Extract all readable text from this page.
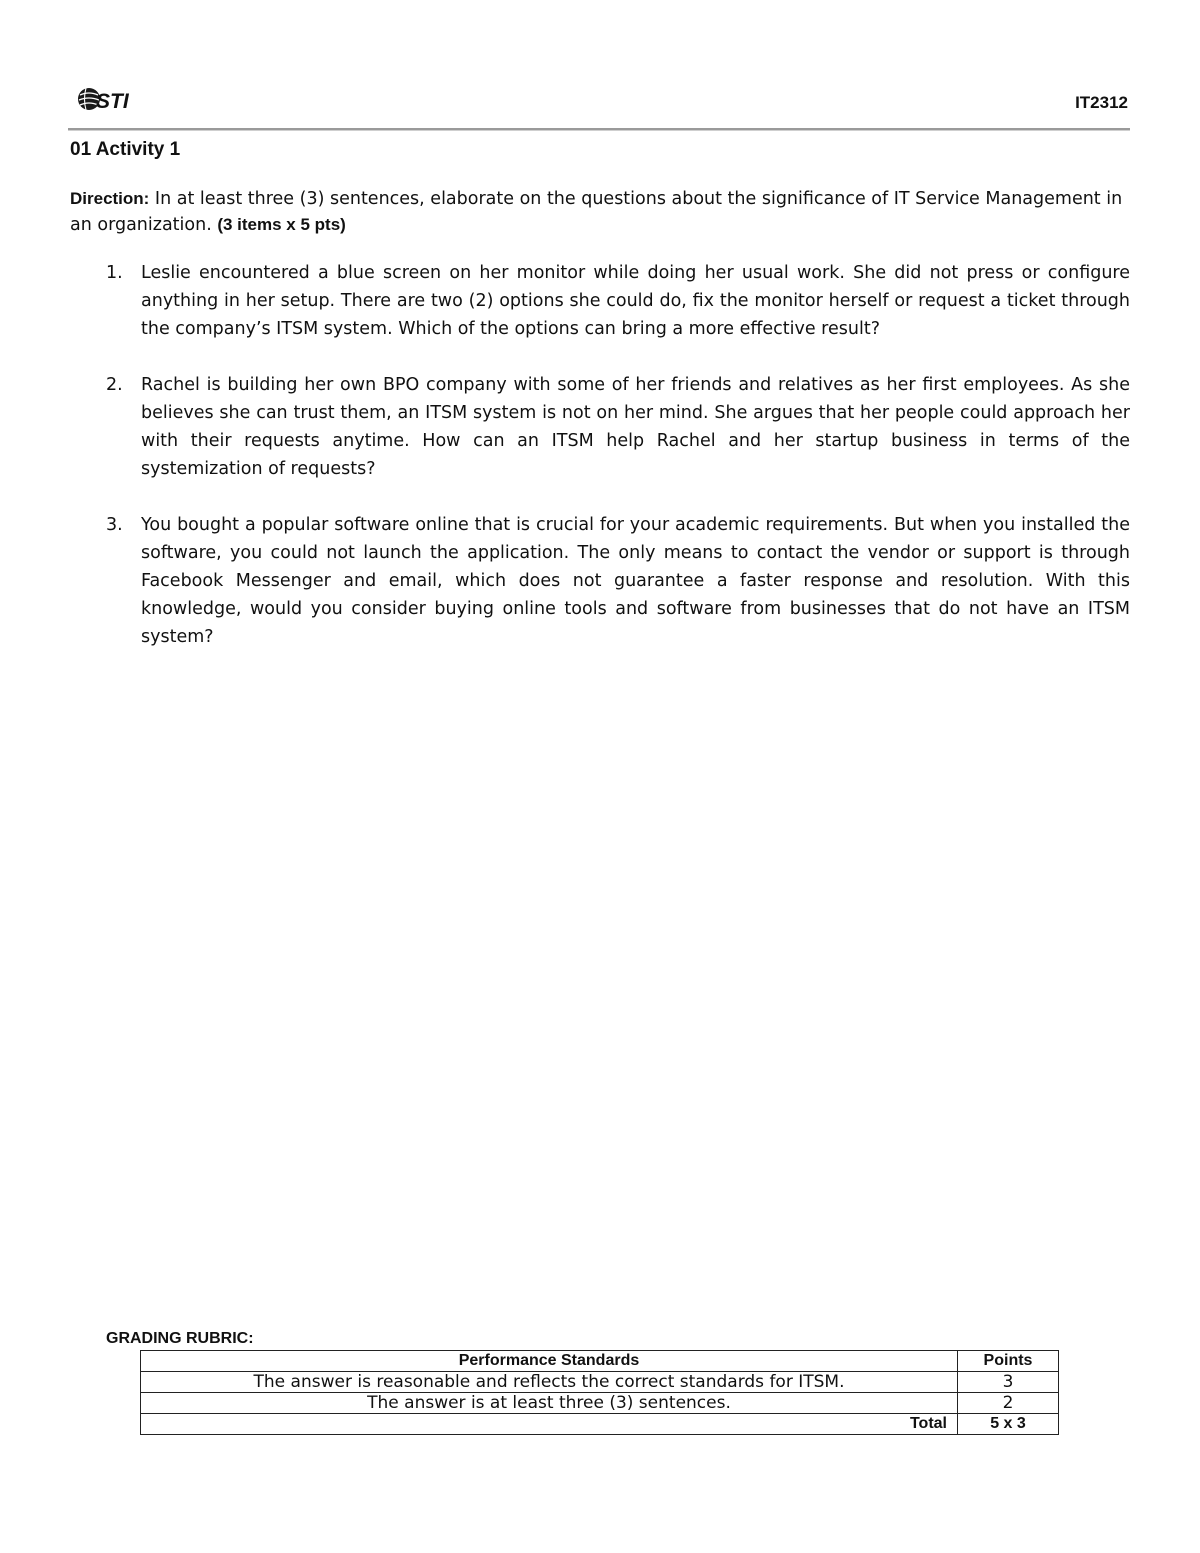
STI	IT2312
01 Activity 1
Direction: In at least three (3) sentences, elaborate on the questions about the significance of IT Service Management in an organization. (3 items x 5 pts)
1. Leslie encountered a blue screen on her monitor while doing her usual work. She did not press or configure anything in her setup. There are two (2) options she could do, fix the monitor herself or request a ticket through the company’s ITSM system. Which of the options can bring a more effective result?
2. Rachel is building her own BPO company with some of her friends and relatives as her first employees. As she believes she can trust them, an ITSM system is not on her mind. She argues that her people could approach her with their requests anytime. How can an ITSM help Rachel and her startup business in terms of the systemization of requests?
3. You bought a popular software online that is crucial for your academic requirements. But when you installed the software, you could not launch the application. The only means to contact the vendor or support is through Facebook Messenger and email, which does not guarantee a faster response and resolution. With this knowledge, would you consider buying online tools and software from businesses that do not have an ITSM system?
GRADING RUBRIC:
Performance Standards	Points
The answer is reasonable and reflects the correct standards for ITSM.	3
The answer is at least three (3) sentences.	2
Total	5 x 3
